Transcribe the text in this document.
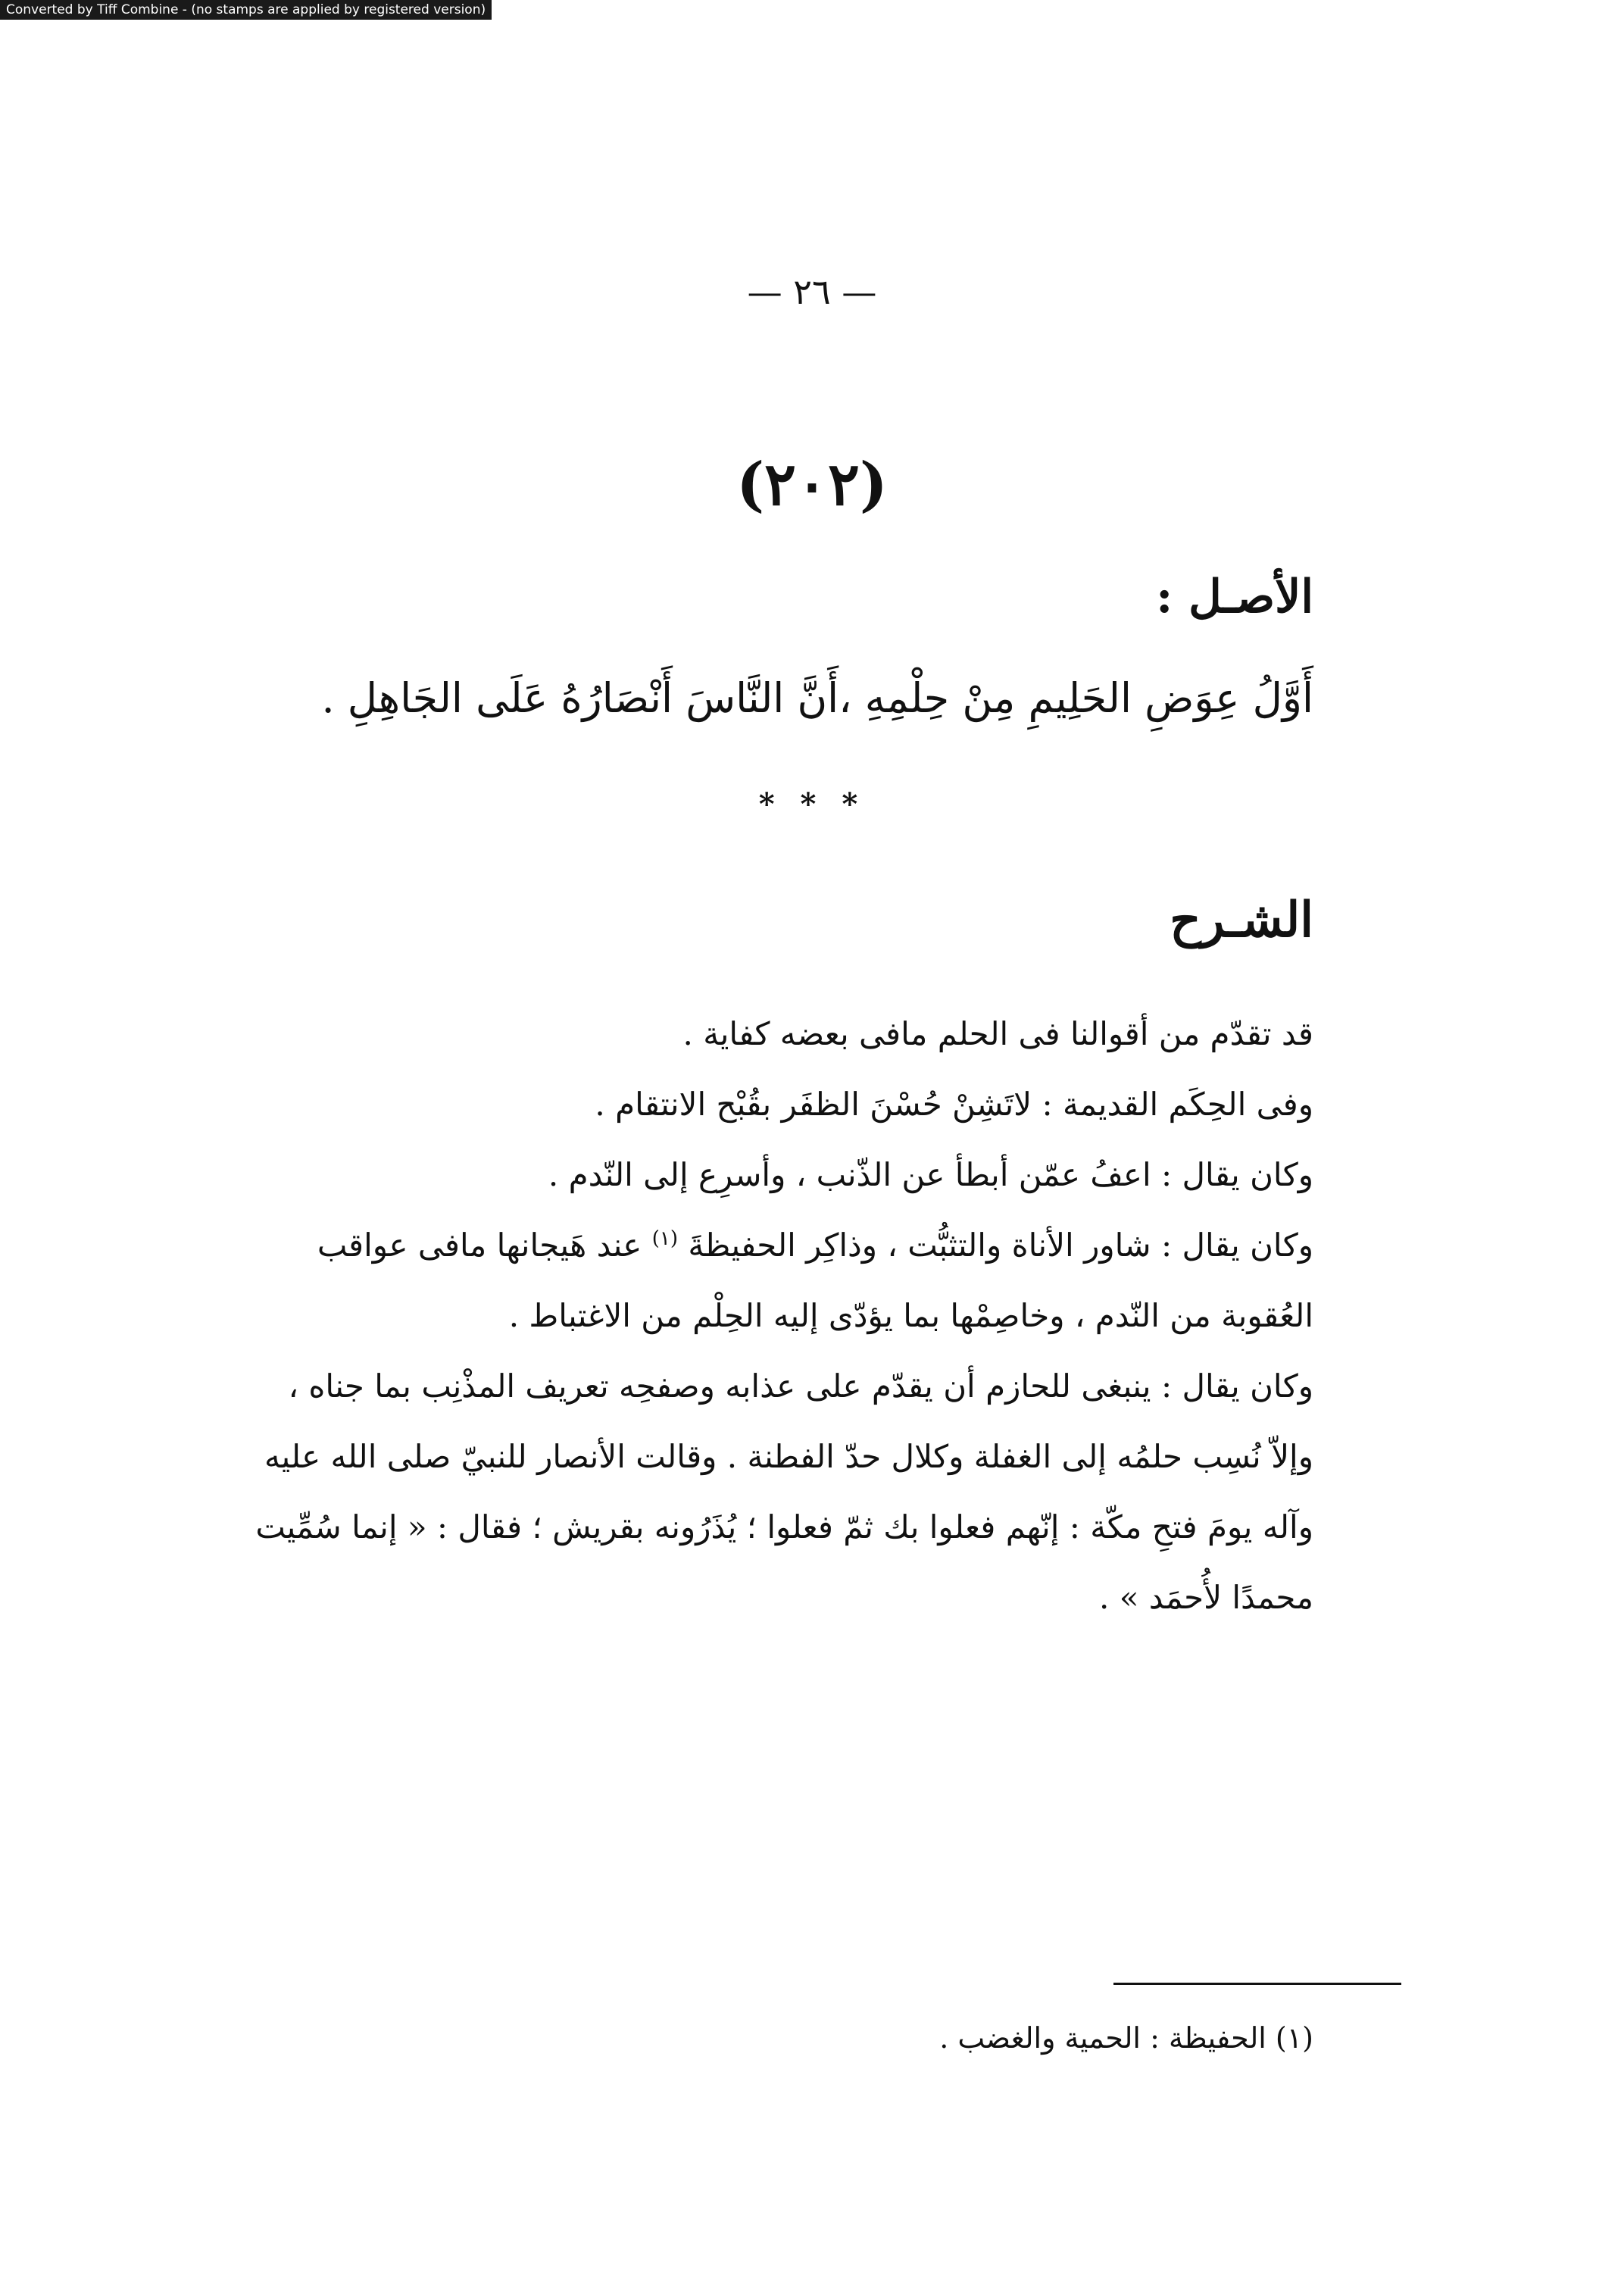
Converted by Tiff Combine - (no stamps are applied by registered version)
— ٢٦ —
(٢٠٢)
الأصـل :
أَوَّلُ عِوَضِ الحَلِيمِ مِنْ حِلْمِهِ ،أَنَّ النَّاسَ أَنْصَارُهُ عَلَى الجَاهِلِ .
* * *
الشـرح

قد تقدّم من أقوالنا فى الحلم مافى بعضه كفاية .

وفى الحِكَم القديمة : لاتَشِنْ حُسْنَ الظفَر بقُبْح الانتقام .

وكان يقال : اعفُ عمّن أبطأ عن الذّنب ، وأسرِع إلى النّدم .

وكان يقال : شاور الأناة والتثبُّت ، وذاكِر الحفيظةَ $^{(١)}$ عند هَيجانها مافى عواقب العُقوبة من النّدم ، وخاصِمْها بما يؤدّى إليه الحِلْم من الاغتباط .

وكان يقال : ينبغى للحازم أن يقدّم على عذابه وصفحِه تعريف المذْنِب بما جناه ، وإلاّ نُسِب حلمُه إلى الغفلة وكلال حدّ الفطنة . وقالت الأنصار للنبيّ صلى الله عليه وآله يومَ فتحِ مكّة : إنّهم فعلوا بك ثمّ فعلوا ؛ يُذَرُونه بقريش ؛ فقال : « إنما سُمِّيت محمدًا لأُحمَد » .

(١) الحفيظة : الحمية والغضب .
